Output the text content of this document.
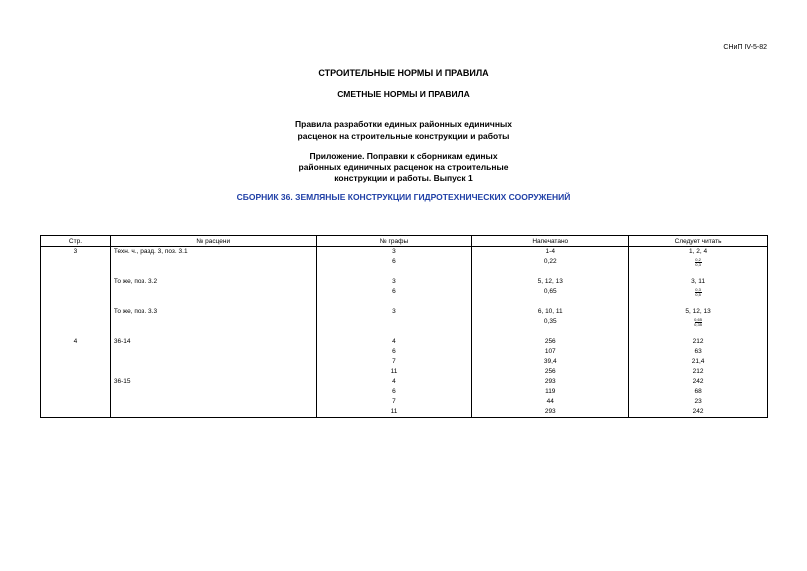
СНиП IV-5-82
СТРОИТЕЛЬНЫЕ НОРМЫ И ПРАВИЛА
СМЕТНЫЕ НОРМЫ И ПРАВИЛА
Правила разработки единых районных единичных
расценок на строительные конструкции и работы
Приложение. Поправки к сборникам единых
районных единичных расценок на строительные
конструкции и работы. Выпуск 1
СБОРНИК 36. ЗЕМЛЯНЫЕ КОНСТРУКЦИИ ГИДРОТЕХНИЧЕСКИХ СООРУЖЕНИЙ
Стр.	№ расцени	№ графы	Напечатано	Следует читать
3	Техн. ч., разд. 3, поз. 3.1	3	1-4	1, 2, 4
		6	0,22	$\frac{0,2}{0,3}$

	То же, поз. 3.2	3	5, 12, 13	3, 11
		6	0,65	$\frac{0,3}{0,5}$

	То же, поз. 3.3	3	6, 10, 11	5, 12, 13
			0,35	$\frac{0,65}{0,35}$

4	36-14	4	256	212
		6	107	63
		7	39,4	21,4
		11	256	212
	36-15	4	293	242
		6	119	68
		7	44	23
		11	293	242
